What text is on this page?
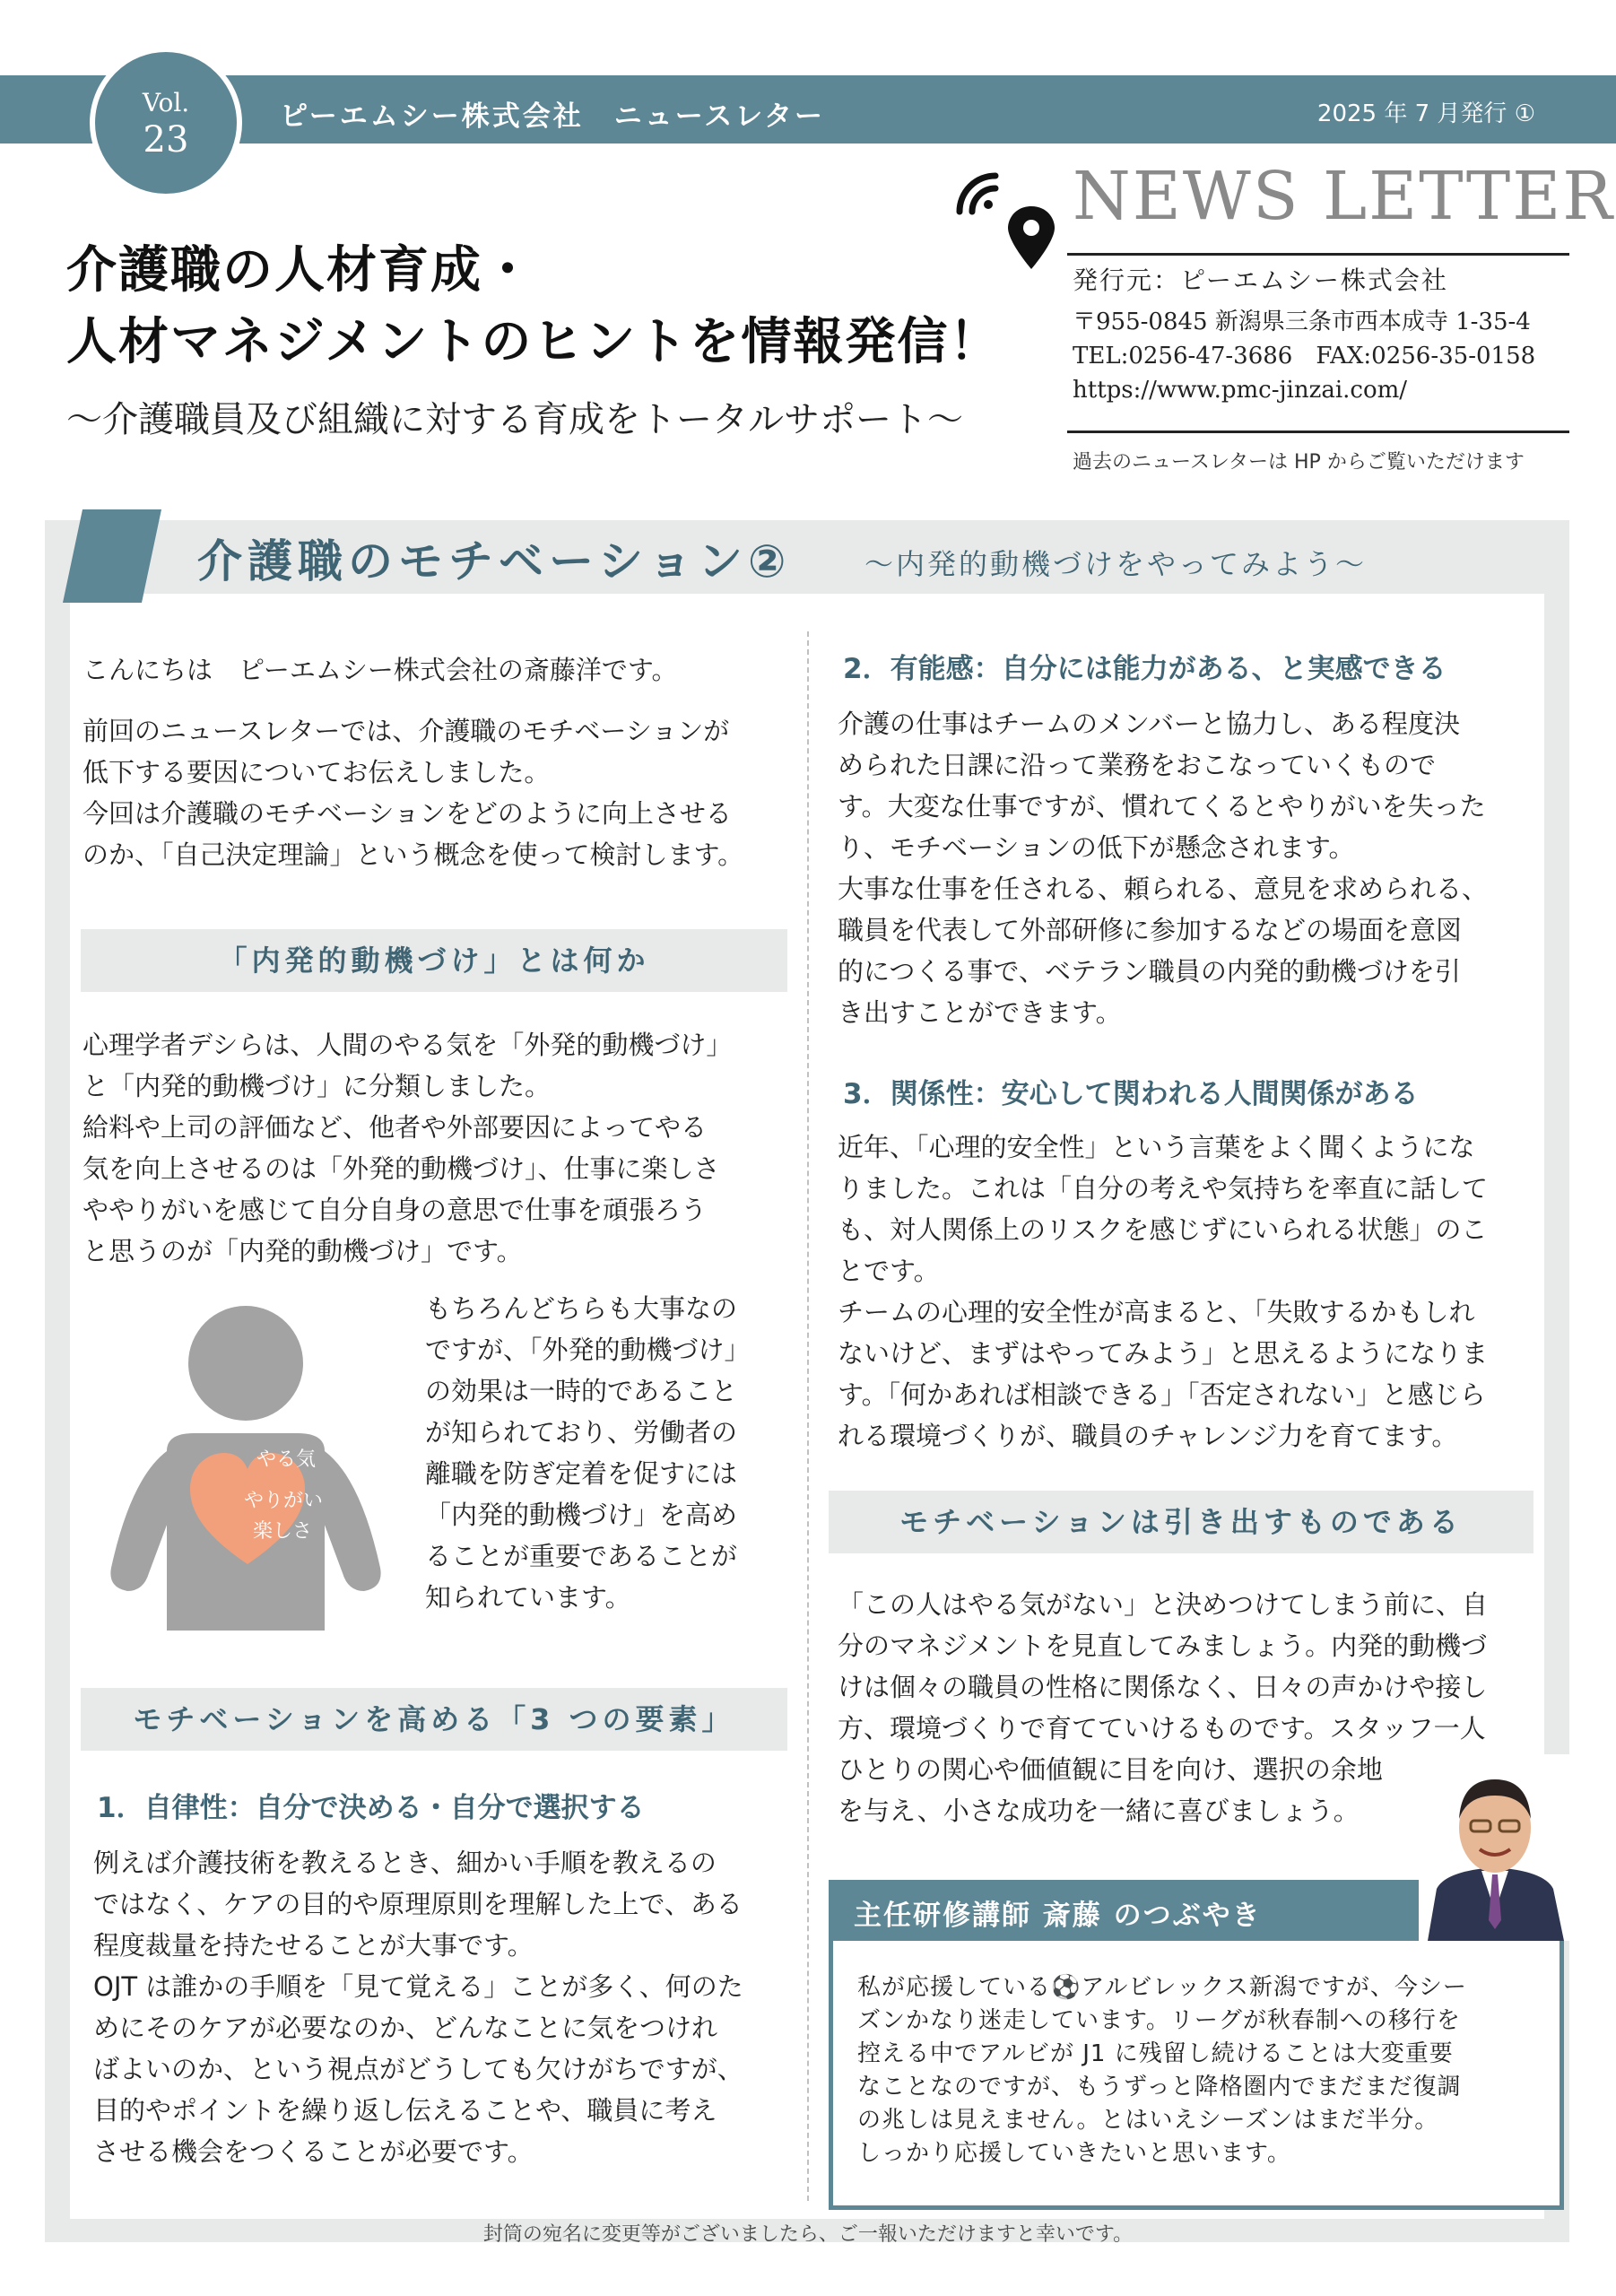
Vol.
23
ピーエムシー株式会社　ニュースレター	2025 年 7 月発行 ①
介護職の人材育成・
人材マネジメントのヒントを情報発信！
～介護職員及び組織に対する育成をトータルサポート～
NEWS LETTER
発行元：ピーエムシー株式会社
〒955-0845 新潟県三条市西本成寺 1-35-4
TEL:0256-47-3686　FAX:0256-35-0158
https://www.pmc-jinzai.com/
過去のニュースレターは HP からご覧いただけます
介護職のモチベーション②	～内発的動機づけをやってみよう～

こんにちは　ピーエムシー株式会社の斎藤洋です。

前回のニュースレターでは、介護職のモチベーションが

低下する要因についてお伝えしました。

今回は介護職のモチベーションをどのように向上させる

のか、「自己決定理論」という概念を使って検討します。

「内発的動機づけ」とは何か

心理学者デシらは、人間のやる気を「外発的動機づけ」

と「内発的動機づけ」に分類しました。

給料や上司の評価など、他者や外部要因によってやる

気を向上させるのは「外発的動機づけ」、仕事に楽しさ

ややりがいを感じて自分自身の意思で仕事を頑張ろう

と思うのが「内発的動機づけ」です。

やる気
やりがい
楽しさ

もちろんどちらも大事なの

ですが、「外発的動機づけ」

の効果は一時的であること

が知られており、労働者の

離職を防ぎ定着を促すには

「内発的動機づけ」を高め

ることが重要であることが

知られています。

モチベーションを高める「3 つの要素」
1．自律性：自分で決める・自分で選択する

例えば介護技術を教えるとき、細かい手順を教えるの

ではなく、ケアの目的や原理原則を理解した上で、ある

程度裁量を持たせることが大事です。

OJT は誰かの手順を「見て覚える」ことが多く、何のた

めにそのケアが必要なのか、どんなことに気をつけれ

ばよいのか、という視点がどうしても欠けがちですが、

目的やポイントを繰り返し伝えることや、職員に考え

させる機会をつくることが必要です。

2．有能感：自分には能力がある、と実感できる

介護の仕事はチームのメンバーと協力し、ある程度決

められた日課に沿って業務をおこなっていくもので

す。大変な仕事ですが、慣れてくるとやりがいを失った

り、モチベーションの低下が懸念されます。

大事な仕事を任される、頼られる、意見を求められる、

職員を代表して外部研修に参加するなどの場面を意図

的につくる事で、ベテラン職員の内発的動機づけを引

き出すことができます。

3．関係性：安心して関われる人間関係がある

近年、「心理的安全性」という言葉をよく聞くようにな

りました。これは「自分の考えや気持ちを率直に話して

も、対人関係上のリスクを感じずにいられる状態」のこ

とです。

チームの心理的安全性が高まると、「失敗するかもしれ

ないけど、まずはやってみよう」と思えるようになりま

す。「何かあれば相談できる」「否定されない」と感じら

れる環境づくりが、職員のチャレンジ力を育てます。

モチベーションは引き出すものである

「この人はやる気がない」と決めつけてしまう前に、自

分のマネジメントを見直してみましょう。内発的動機づ

けは個々の職員の性格に関係なく、日々の声かけや接し

方、環境づくりで育てていけるものです。スタッフ一人

ひとりの関心や価値観に目を向け、選択の余地

を与え、小さな成功を一緒に喜びましょう。

主任研修講師 斎藤 のつぶやき

私が応援している⚽アルビレックス新潟ですが、今シー

ズンかなり迷走しています。リーグが秋春制への移行を

控える中でアルビが J1 に残留し続けることは大変重要

なことなのですが、もうずっと降格圏内でまだまだ復調

の兆しは見えません。とはいえシーズンはまだ半分。

しっかり応援していきたいと思います。

封筒の宛名に変更等がございましたら、ご一報いただけますと幸いです。
